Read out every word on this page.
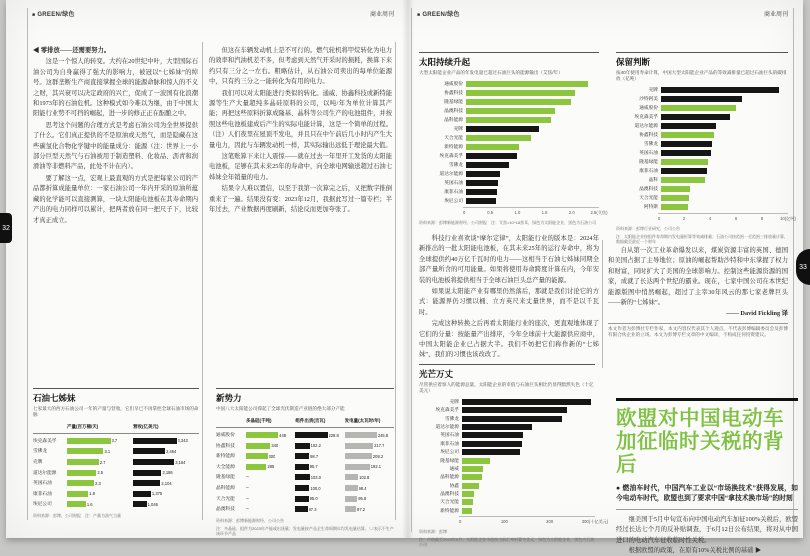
■ GREEN/绿色	商业周刊	■ GREEN/绿色	商业周刊

◀ 零排放——还需要努力。

这是一个惊人的转变。大约在20世纪中叶，大型国际石油公司为自身赢得了强大的影响力，被冠以“七姊妹”的绰号。这群垄断生产商直接掌握全球的能源命脉和惊人的不义之财，其兴衰可以决定政府的兴亡，促成了一波国有化浪潮和1973年的石油危机。这种模式如今难以为继，由于中国太阳能行业势不可挡的崛起，进一步的修正正在酝酿之中。

思考这个问题的合理方式是考虑石油公司为全世界提供了什么。它们真正提供的不是原油或天然气，而是隐藏在这些碳氢化合物化学键中的能量成分：能源（注：世界上一小部分巨型天然气与石油被用于制造塑料、化妆品、沥青和润滑油等非燃料产品，此处不计在内）。

要了解这一点，宏观上最直观的方式是把每家公司的产品都折算成能量单位：一家石油公司一年内开采的原油所蕴藏的化学能可以直接测算，一块太阳能电池板在其寿命期内产出的电力同样可以累计，把两者放在同一把尺子下，比较才真正成立。

但这在车辆发动机上是不可行的。燃气轮机将甲烷转化为电力的效率和汽油机差不多，但考虑到天然气开采时的损耗，换算下来约只有三分之一左右。粗略估计，从石油公司卖出的每单位能源中，只有约三分之一能转化为有用的电力。

我们可以对太阳能进行类似的转化。通威、协鑫科技或新特能源等生产大量超纯多晶硅原料的公司，以吨/年为单位计算其产能；再把这些原料折算成隆基、晶科等公司生产的电池组件，并按照这些电池板建成后产生的实际电能计算，这是一个简单的过程。（注）人们夜里在屋顶不发电，并且只在中午前后几小时内产生大量电力，因此与车辆发动机一样，其实际输出远低于理论最大值。

这笔账算下来让人震惊——就在过去一年里开工发货的太阳能电池板，足够在其未来25年的寿命中，向全球电网输送超过石油七姊妹全年销量的电力。

结果令人难以置信，以至于我第一次算完之后，又把数字推倒重来了一遍。结果没有变：2023年12月，我据此写过一篇专栏；半年过去，产业数据再度刷新，结论反而更加夸张了。

石油七姊妹

七家最大的西方石油公司一年的产量与营收，它们早已不再掌控全球石油市场的命脉

产量(百万桶/天)	营收(亿美元)
埃克森美孚	3.7	3,343
雪佛龙	3.1	2,464
壳牌	2.7	3,164
道达尔能源	2.5	2,186
英国石油	2.3	2,104
康菲石油	1.8	1,375
埃尼公司	1.6	1,046

资料来源：彭博、公司财报　注：产量为油气当量

新势力

中国八大太阳能公司撑起了全球光伏制造产业链的绝大部分产能

多晶硅(千吨)	组件出货(吉瓦)	发电量(太瓦时/年)
通威股份	448	229.8	245.8
协鑫科技	340	102.2	217.7
新特能源	300	98.7	208.2
大全能源	285	95.7	192.1
隆基绿能	–	103.0	102.8
晶科能源	–	100.0	98.4
天合光能	–	95.0	95.8
晶澳科技	–	87.3	87.2

资料来源：彭博新能源财经、公司公告

注：多晶硅、组件为2023年产能或出货量；发电量按产品全生命周期年均发电量估算，“–”表示不生产该环节产品

太阳持续升起

大型太阳能企业产品的年发电量已超过石油巨头的能源输出（艾焦/年）

通威股份
协鑫科技
隆基绿能
晶澳科技
晶科能源
壳牌
天合光能
新特能源
埃克森美孚
雪佛龙
道达尔能源
英国石油
康菲石油
埃尼公司
0	0.5	1.0	1.5	2.0	2.5(艾焦)

资料来源：彭博新能源财经、公司财报　注：艾焦=10^18焦耳，绿色为太阳能企业，黑色为石油公司

保留判断

按40年使用寿命计算，中国大型太阳能企业产品的等效减排量已超过石油巨头的碳排放（亿吨）

壳牌
沙特阿美
通威股份
埃克森美孚
道达尔能源
协鑫科技
雪佛龙
英国石油
隆基绿能
康菲石油
晶科
晶澳科技
天合光能
阿特斯
0	2	4	6	8	10(亿吨)

资料来源：彭博行业研究、公司公告

注：太阳能企业按组件寿命期内发电量折算等效减排量；石油公司按范围一至范围三排放量计算，数据截至最近一个财年

科技行业喜欢谈“摩尔定律”，太阳能行业的版本是：2024年新推出的一批太阳能电池板，在其未来25年的运行寿命中，将为全球提供约40万亿千瓦时的电力——这相当于石油七姊妹同期全部产量所含的可用能量。如果将使用寿命跨度计算在内，今年安装的电池板将提供相当于全球石油巨头总产量的能源。

如果说太阳能产业有哪里仍然落后，那就是我们讨论它的方式：能源界仍习惯以桶、立方英尺来丈量世界，而不是以千瓦时。

完成这种转换之后再看太阳能行业的座次，更直观地体现了它们的分量：按能量产出排序，今年全球前十大能源供应商中，中国太阳能企业已占据大半。我们不妨把它们称作新的“七姊妹”，我们的习惯也该改改了。

自从第一次工业革命爆发以来，煤炭资源丰富的英国、德国和美国占据了主导地位；原油的崛起帮助沙特和中东掌握了权力和财富，同时扩大了美国的全球影响力。控制这些能源资源的国家，成就了长达两个世纪的霸业。现在，七家中国公司在本世纪能源版图中悄然崛起，超过了主宰30年风云的那七家老牌巨头——新的“七姊妹”。

—— David Fickling 译

本文作者为彭博社专栏作家，本文内容仅代表其个人观点，不代表彭博编辑委员会及彭博有限合伙企业的立场。本文为彭博专栏文章的中文编译，不构成任何投资建议。

光芒万丈

尽管供应着惊人的能源总量，太阳能企业的市值与石油巨头相比仍显得黯然失色（十亿美元）

壳牌
埃克森美孚
雪佛龙
道达尔能源
英国石油
康菲石油
埃尼公司
隆基绿能
通威
晶科能源
协鑫
晶澳科技
天合光能
新特能源
0	100	200	300(十亿美元)

资料来源：彭博

注：市值截至2024年6月；太阳能企业市值按当前汇率折算为美元，绿色为太阳能企业，黑色为石油公司

欧盟对中国电动车
加征临时关税的背后

● 燃油车时代，中国汽车工业以“市场换技术”获得发展，如今电动车时代，欧盟也到了要求中国“拿技术换市场”的时刻

继美国于5月中旬宣布向中国电动汽车加征100%关税后，欧盟经过长达七个月的反补贴调查，于6月12日公布结果，将对从中国进口的电动汽车征收临时性关税。

根据欧盟的政策，在原有10%关税比例的基础 ▶

32
33
